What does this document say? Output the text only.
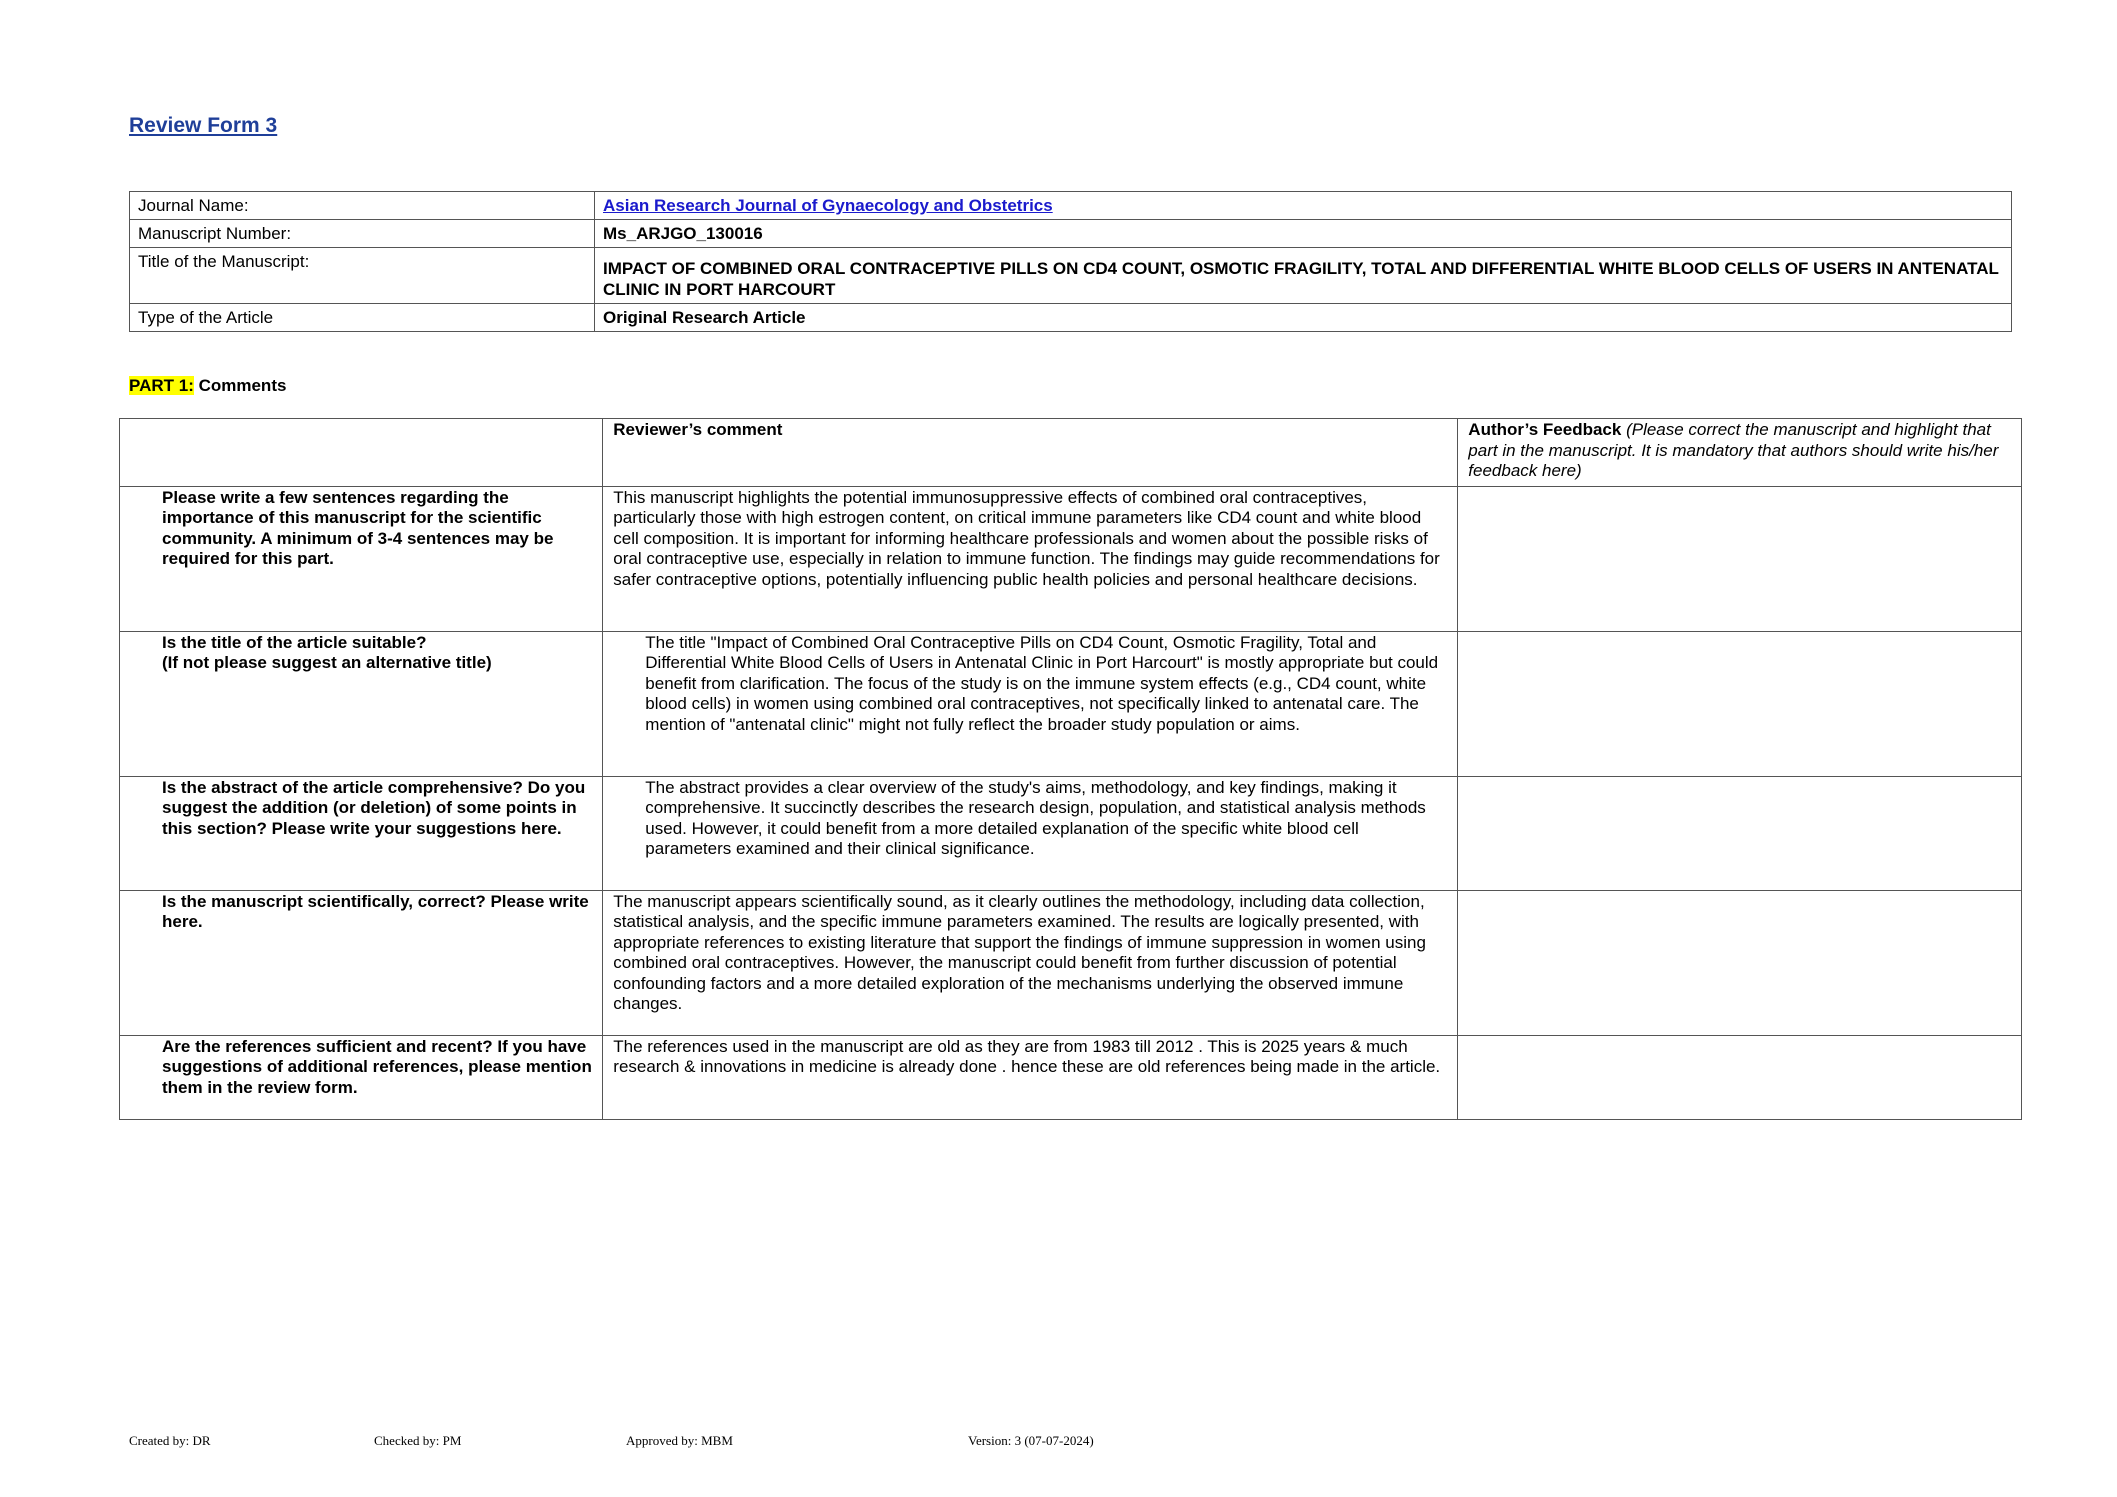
Review Form 3
Journal Name:	Asian Research Journal of Gynaecology and Obstetrics
Manuscript Number:	Ms_ARJGO_130016
Title of the Manuscript:	IMPACT OF COMBINED ORAL CONTRACEPTIVE PILLS ON CD4 COUNT, OSMOTIC FRAGILITY, TOTAL AND DIFFERENTIAL WHITE BLOOD CELLS OF USERS IN ANTENATAL CLINIC IN PORT HARCOURT
Type of the Article	Original Research Article
PART 1: Comments
	Reviewer’s comment	Author’s Feedback (Please correct the manuscript and highlight that part in the manuscript. It is mandatory that authors should write his/her feedback here)
Please write a few sentences regarding the importance of this manuscript for the scientific community. A minimum of 3-4 sentences may be required for this part.	This manuscript highlights the potential immunosuppressive effects of combined oral contraceptives, particularly those with high estrogen content, on critical immune parameters like CD4 count and white blood cell composition. It is important for informing healthcare professionals and women about the possible risks of oral contraceptive use, especially in relation to immune function. The findings may guide recommendations for safer contraceptive options, potentially influencing public health policies and personal healthcare decisions.	
Is the title of the article suitable?
(If not please suggest an alternative title)	The title "Impact of Combined Oral Contraceptive Pills on CD4 Count, Osmotic Fragility, Total and Differential White Blood Cells of Users in Antenatal Clinic in Port Harcourt" is mostly appropriate but could benefit from clarification. The focus of the study is on the immune system effects (e.g., CD4 count, white blood cells) in women using combined oral contraceptives, not specifically linked to antenatal care. The mention of "antenatal clinic" might not fully reflect the broader study population or aims.	
Is the abstract of the article comprehensive? Do you suggest the addition (or deletion) of some points in this section? Please write your suggestions here.	The abstract provides a clear overview of the study's aims, methodology, and key findings, making it comprehensive. It succinctly describes the research design, population, and statistical analysis methods used. However, it could benefit from a more detailed explanation of the specific white blood cell parameters examined and their clinical significance.	
Is the manuscript scientifically, correct? Please write here.	The manuscript appears scientifically sound, as it clearly outlines the methodology, including data collection, statistical analysis, and the specific immune parameters examined. The results are logically presented, with appropriate references to existing literature that support the findings of immune suppression in women using combined oral contraceptives. However, the manuscript could benefit from further discussion of potential confounding factors and a more detailed exploration of the mechanisms underlying the observed immune changes.	
Are the references sufficient and recent? If you have suggestions of additional references, please mention them in the review form.	The references used in the manuscript are old as they are from 1983 till 2012 . This is 2025 years & much research & innovations in medicine is already done . hence these are old references being made in the article.	
Created by: DR	Checked by: PM	Approved by: MBM	Version: 3 (07-07-2024)
